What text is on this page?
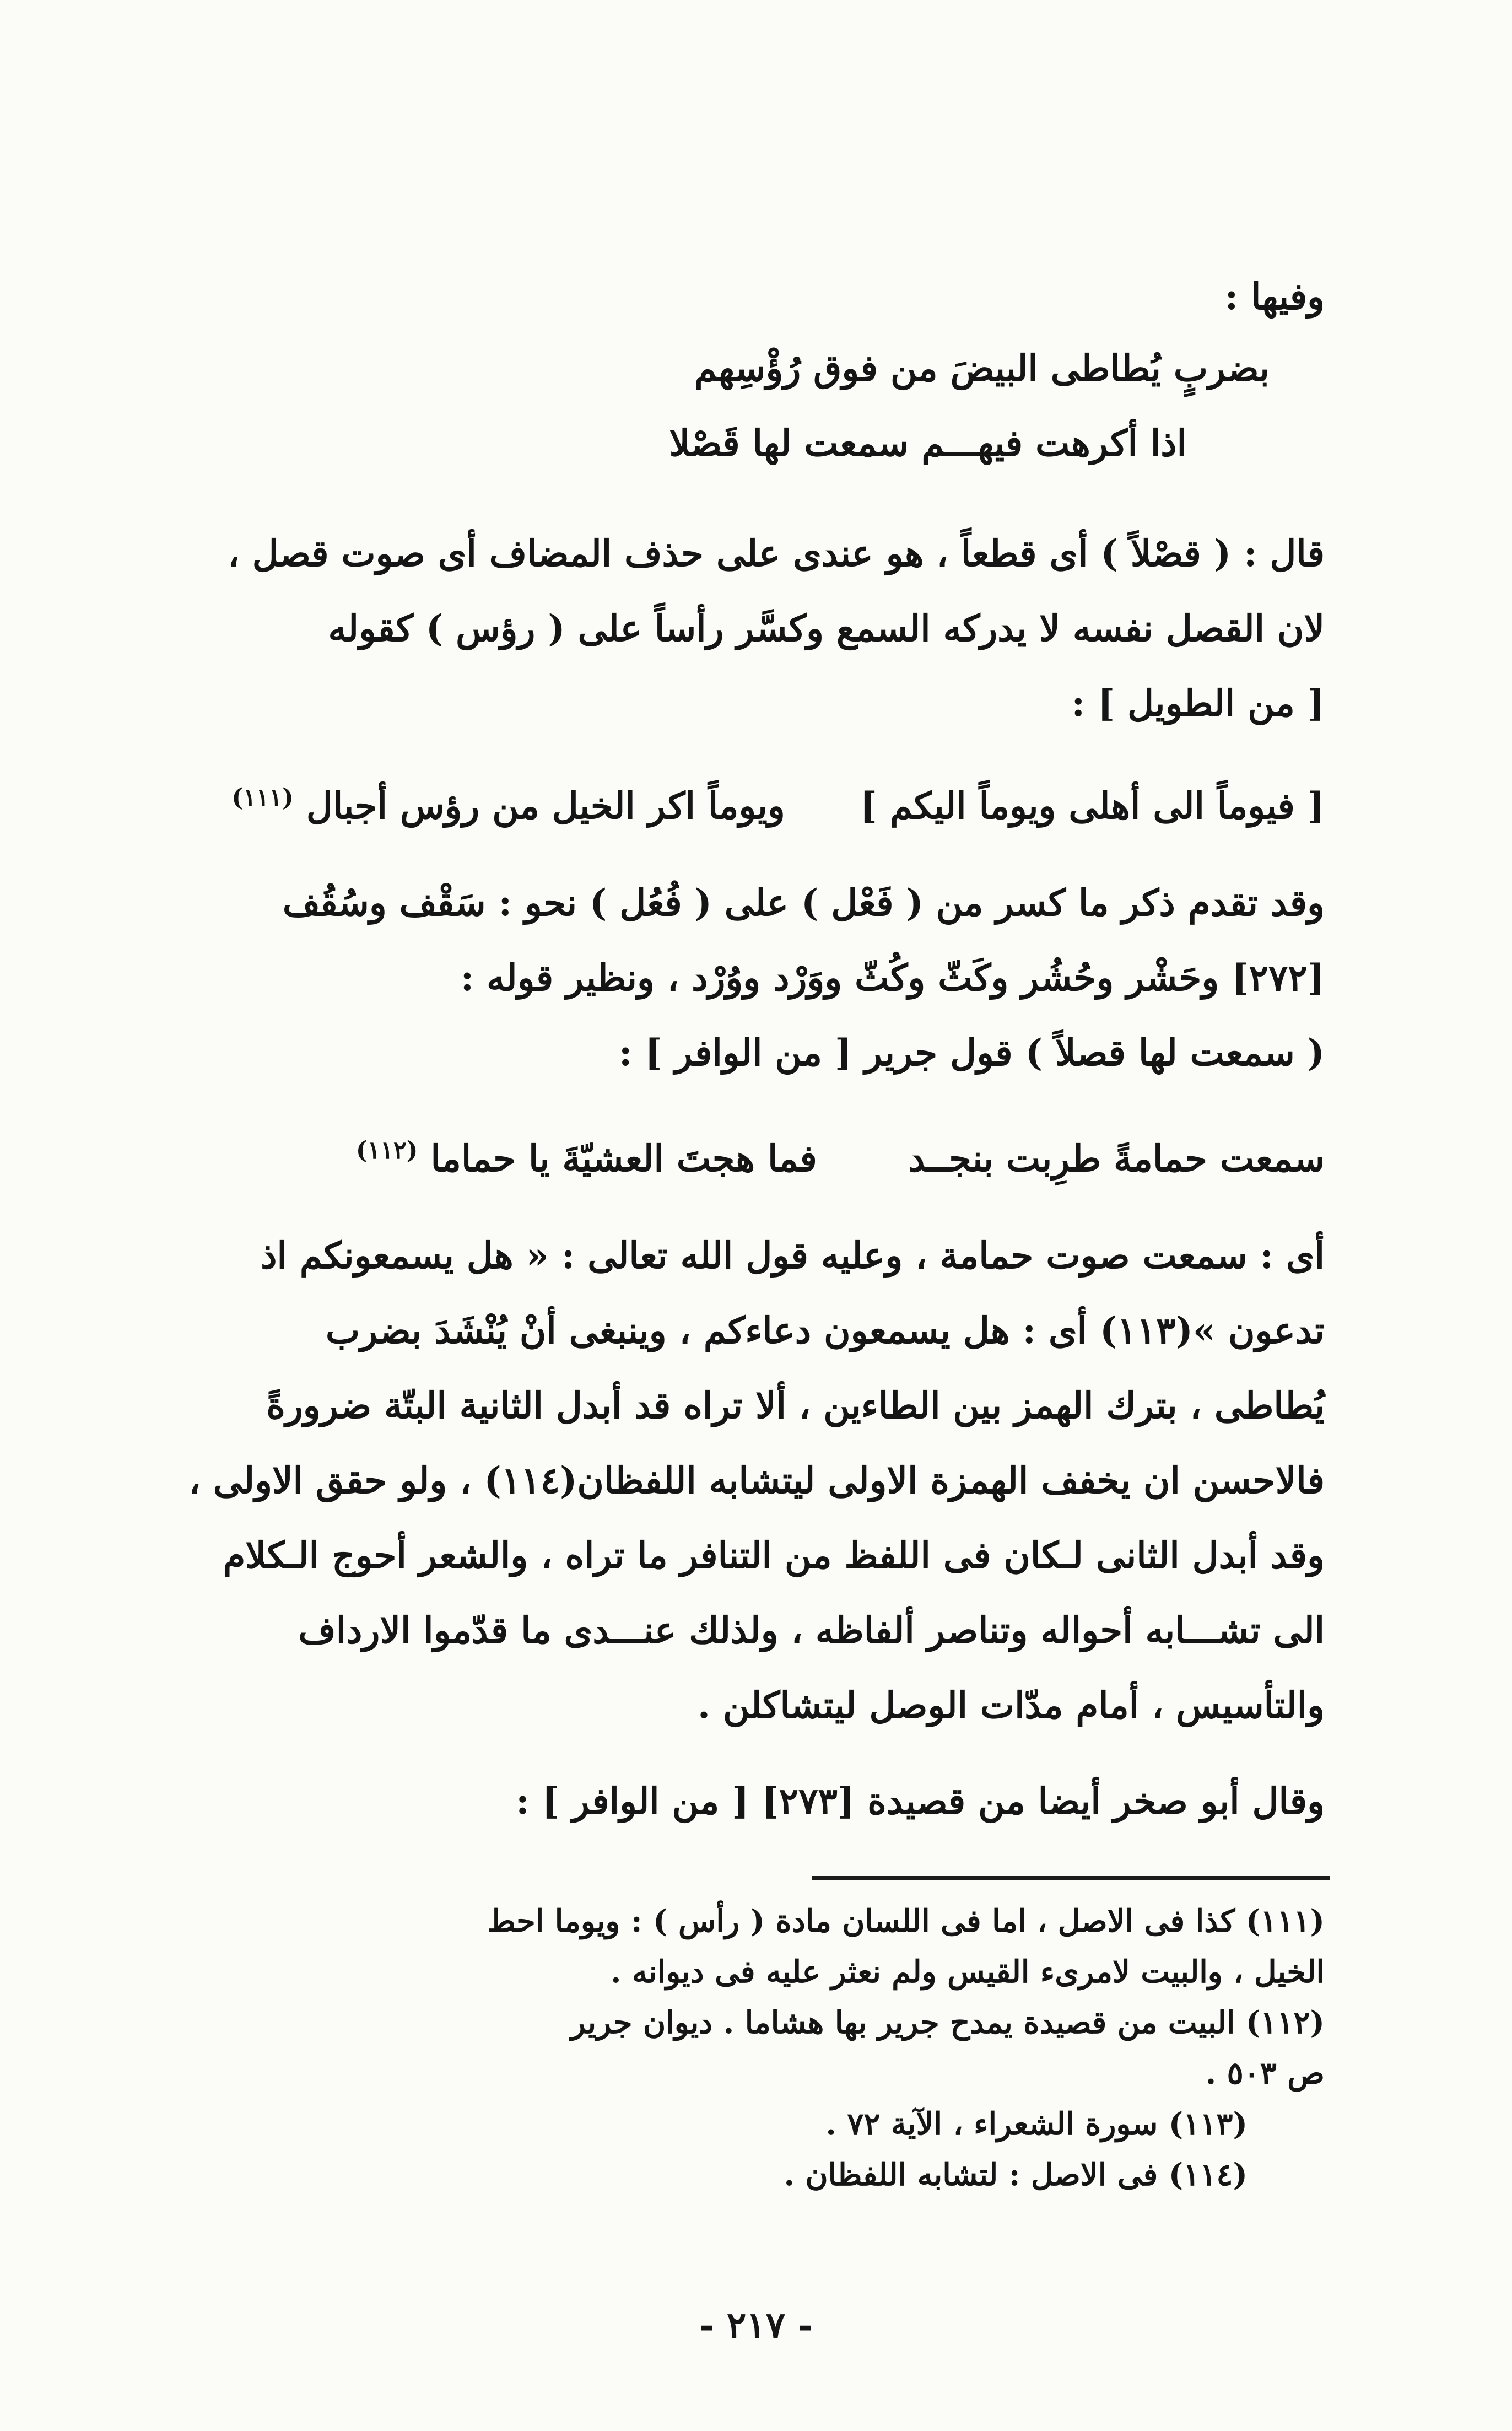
وفيها :
بضربٍ يُطاطى البيضَ من فوق رُؤْسِهم
اذا أكرهت فيهـــم سمعت لها قَصْلا
قال : ( قصْلاً ) أى قطعاً ، هو عندى على حذف المضاف أى صوت قصل ،
لان القصل نفسه لا يدركه السمع وكسَّر رأساً على ( رؤس ) كقوله
[ من الطويل ] :
[ فيوماً الى أهلى ويوماً اليكم ]  ويوماً اكر الخيل من رؤس أجبال $^{(١١١)}$
وقد تقدم ذكر ما كسر من ( فَعْل ) على ( فُعُل ) نحو : سَقْف وسُقُف
[٢٧٢] وحَشْر وحُشُر وكَثّ وكُثّ ووَرْد ووُرْد ، ونظير قوله :
( سمعت لها قصلاً ) قول جرير [ من الوافر ] :
سمعت حمامةً طرِبت بنجــد  فما هجتَ العشيّةَ يا حماما $^{(١١٢)}$
أى : سمعت صوت حمامة ، وعليه قول الله تعالى : « هل يسمعونكم اذ
تدعون »(١١٣) أى : هل يسمعون دعاءكم ، وينبغى أنْ يُنْشَدَ بضرب
يُطاطى ، بترك الهمز بين الطاءين ، ألا تراه قد أبدل الثانية البتّة ضرورةً
فالاحسن ان يخفف الهمزة الاولى ليتشابه اللفظان(١١٤) ، ولو حقق الاولى ،
وقد أبدل الثانى لـكان فى اللفظ من التنافر ما تراه ، والشعر أحوج الـكلام
الى تشـــابه أحواله وتناصر ألفاظه ، ولذلك عنـــدى ما قدّموا الارداف
والتأسيس ، أمام مدّات الوصل ليتشاكلن .
وقال أبو صخر أيضا من قصيدة [٢٧٣] [ من الوافر ] :
(١١١) كذا فى الاصل ، اما فى اللسان مادة ( رأس ) : ويوما احط
الخيل ، والبيت لامرىء القيس ولم نعثر عليه فى ديوانه .
(١١٢) البيت من قصيدة يمدح جرير بها هشاما . ديوان جرير
ص ٥٠٣ .
(١١٣) سورة الشعراء ، الآية ٧٢ .
(١١٤) فى الاصل : لتشابه اللفظان .
- ٢١٧ -
